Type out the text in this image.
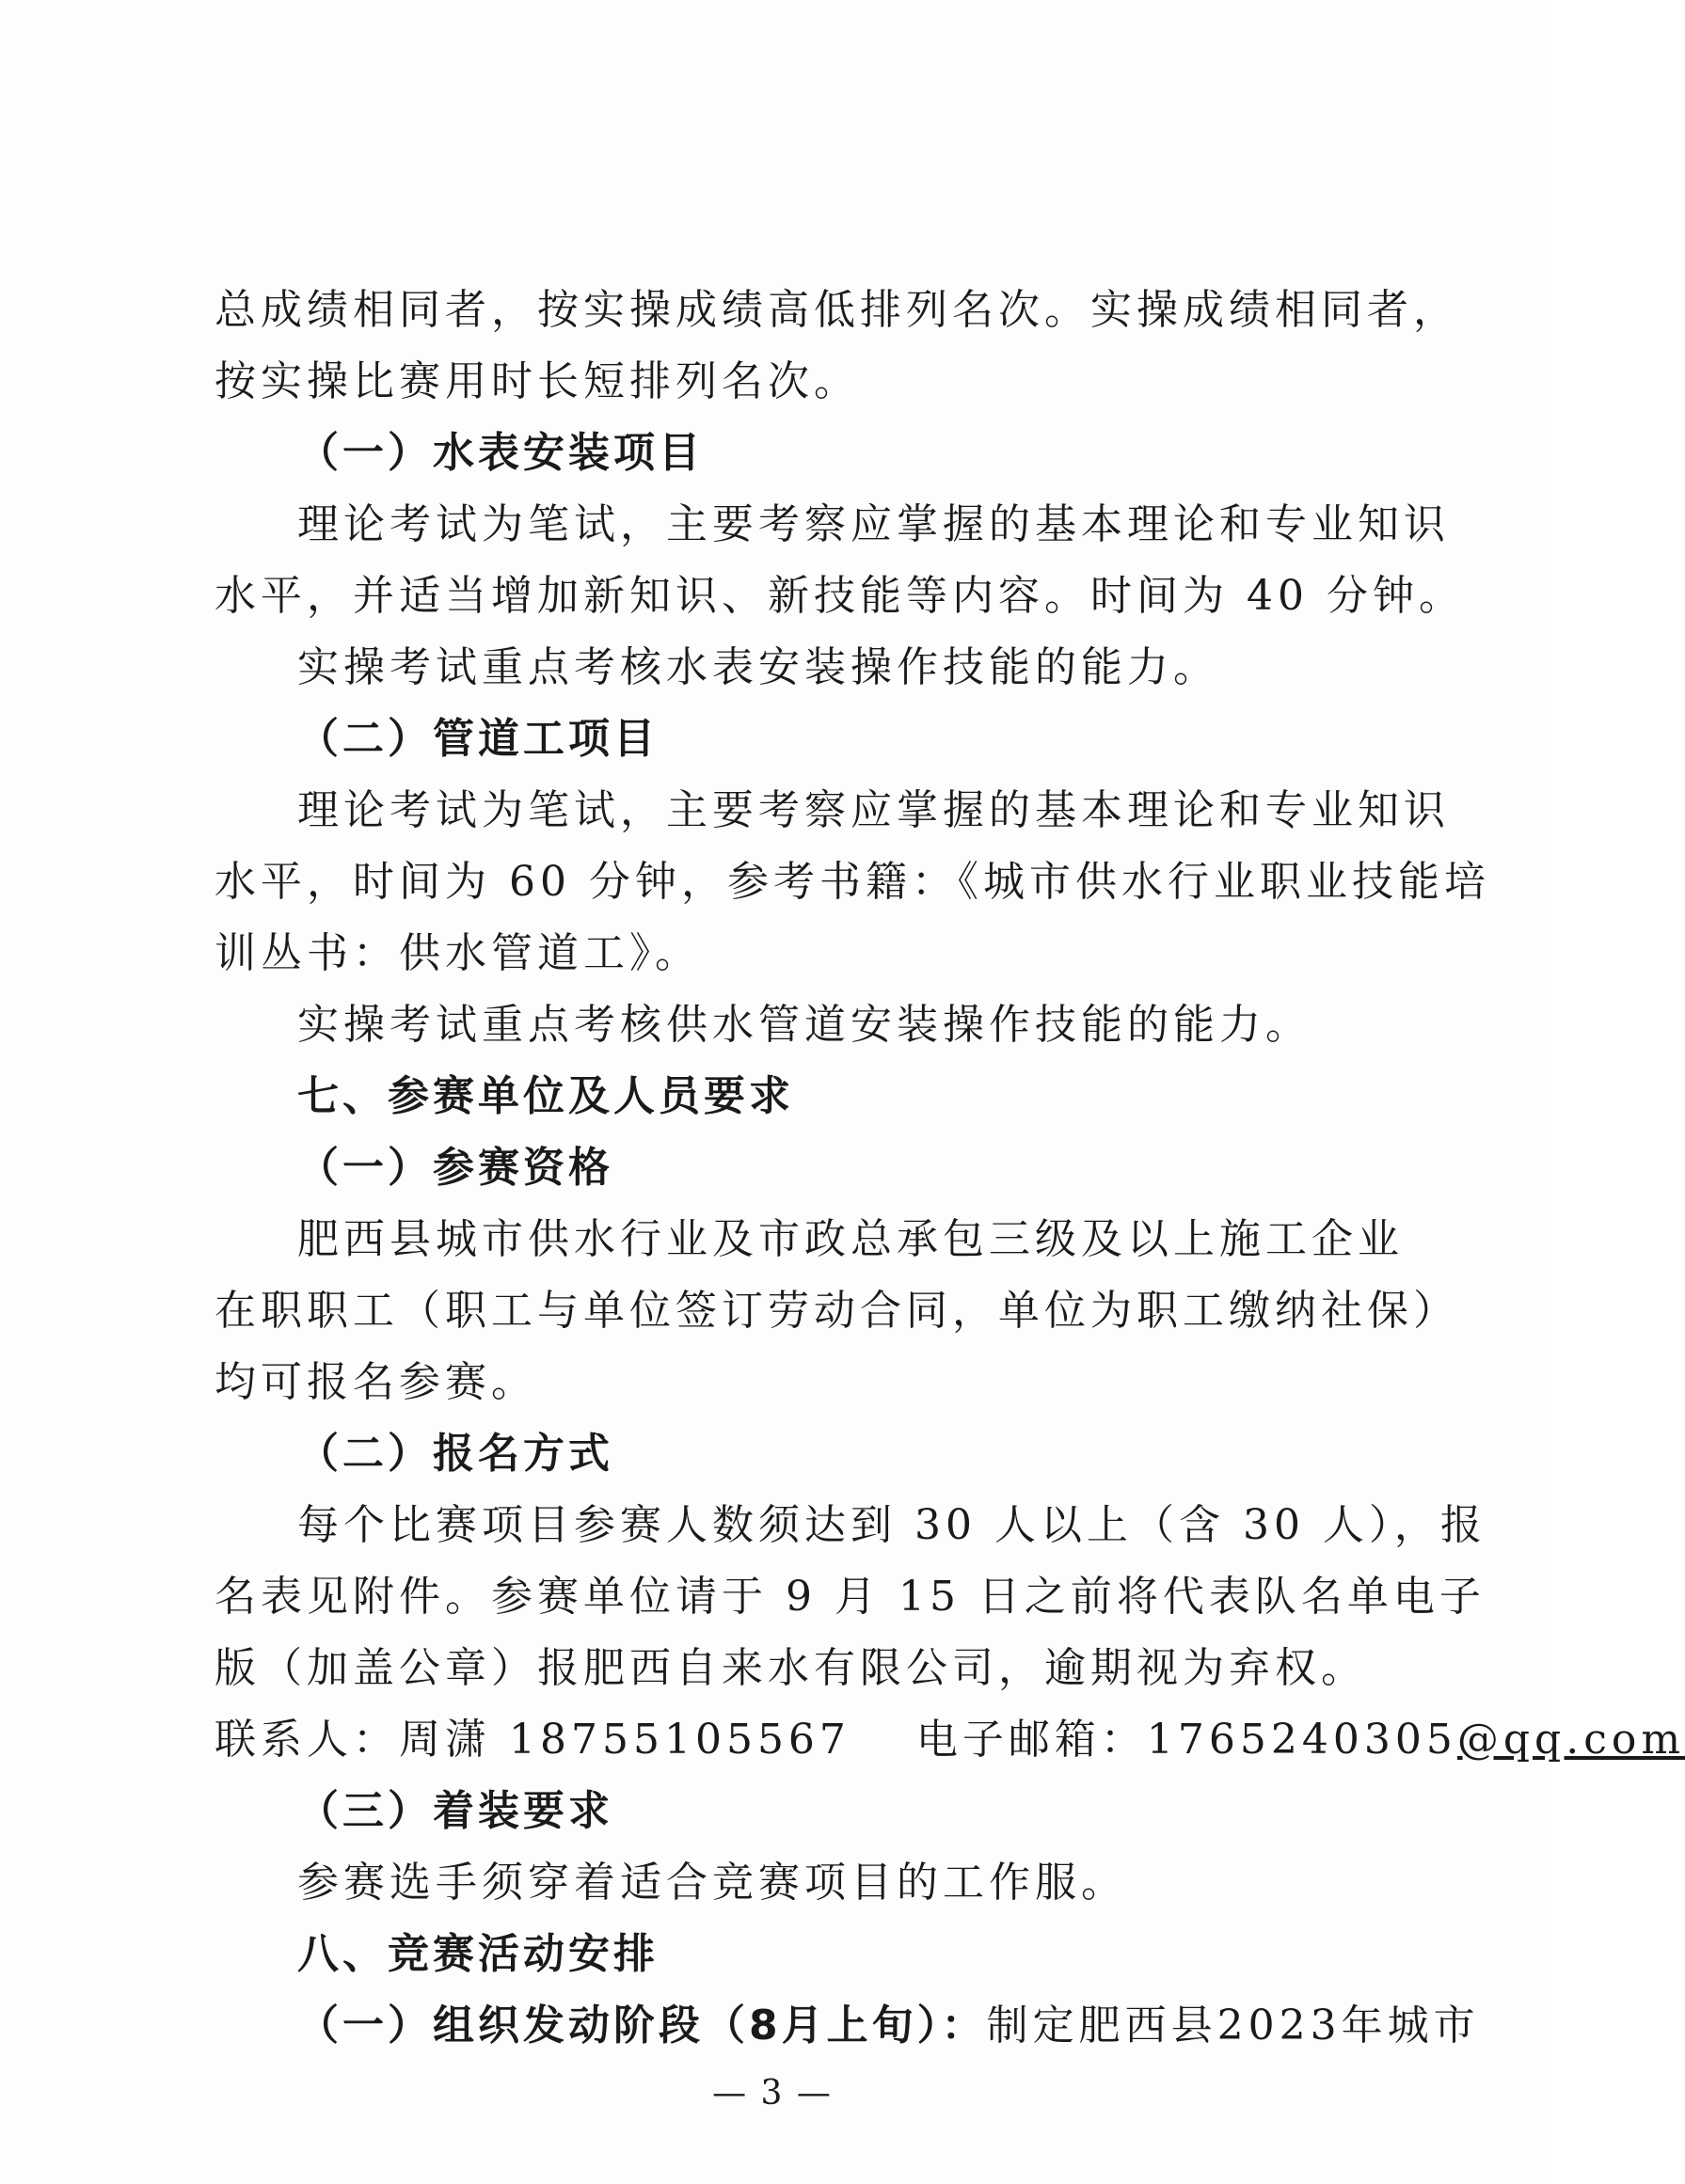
总成绩相同者，按实操成绩高低排列名次。实操成绩相同者，
按实操比赛用时长短排列名次。
（一）水表安装项目
理论考试为笔试，主要考察应掌握的基本理论和专业知识
水平，并适当增加新知识、新技能等内容。时间为 40 分钟。
实操考试重点考核水表安装操作技能的能力。
（二）管道工项目
理论考试为笔试，主要考察应掌握的基本理论和专业知识
水平，时间为 60 分钟，参考书籍：《城市供水行业职业技能培
训丛书：供水管道工》。
实操考试重点考核供水管道安装操作技能的能力。
七、参赛单位及人员要求
（一）参赛资格
肥西县城市供水行业及市政总承包三级及以上施工企业
在职职工（职工与单位签订劳动合同，单位为职工缴纳社保）
均可报名参赛。
（二）报名方式
每个比赛项目参赛人数须达到 30 人以上（含 30 人），报
名表见附件。参赛单位请于 9 月 15 日之前将代表队名单电子
版（加盖公章）报肥西自来水有限公司，逾期视为弃权。
联系人：周潇 18755105567 电子邮箱：1765240305@qq.com
（三）着装要求
参赛选手须穿着适合竞赛项目的工作服。
八、竞赛活动安排
（一）组织发动阶段（8月上旬）：制定肥西县2023年城市
— 3 —
